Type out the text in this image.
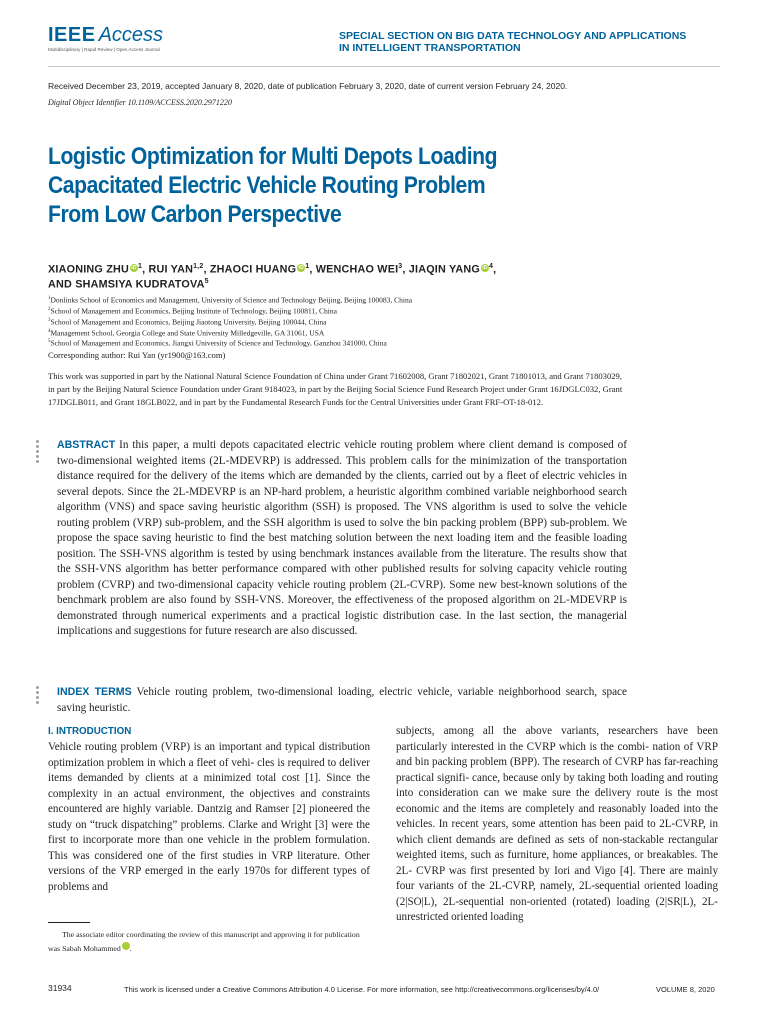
IEEE Access
Multidisciplinary | Rapid Review | Open Access Journal
SPECIAL SECTION ON BIG DATA TECHNOLOGY AND APPLICATIONS
IN INTELLIGENT TRANSPORTATION
Received December 23, 2019, accepted January 8, 2020, date of publication February 3, 2020, date of current version February 24, 2020.
Digital Object Identifier 10.1109/ACCESS.2020.2971220
Logistic Optimization for Multi Depots Loading
Capacitated Electric Vehicle Routing Problem
From Low Carbon Perspective
XIAONING ZHU $iD^1$, RUI YAN$^{1,2}$, ZHAOCI HUANG $iD^1$, WENCHAO WEI$^3$, JIAQIN YANG $iD^4$,
AND SHAMSIYA KUDRATOVA$^5$
$^1$Donlinks School of Economics and Management, University of Science and Technology Beijing, Beijing 100083, China
$^2$School of Management and Economics, Beijing Institute of Technology, Beijing 100811, China
$^3$School of Management and Economics, Beijing Jiaotong University, Beijing 100044, China
$^4$Management School, Georgia College and State University Milledgeville, GA 31061, USA
$^5$School of Management and Economics, Jiangxi University of Science and Technology, Ganzhou 341000, China
Corresponding author: Rui Yan (yr1900@163.com)
This work was supported in part by the National Natural Science Foundation of China under Grant 71602008, Grant 71802021, Grant 71801013, and Grant 71803029, in part by the Beijing Natural Science Foundation under Grant 9184023, in part by the Beijing Social Science Fund Research Project under Grant 16JDGLC032, Grant 17JDGLB011, and Grant 18GLB022, and in part by the Fundamental Research Funds for the Central Universities under Grant FRF-OT-18-012.
ABSTRACT In this paper, a multi depots capacitated electric vehicle routing problem where client demand is composed of two-dimensional weighted items (2L-MDEVRP) is addressed. This problem calls for the minimization of the transportation distance required for the delivery of the items which are demanded by the clients, carried out by a fleet of electric vehicles in several depots. Since the 2L-MDEVRP is an NP-hard problem, a heuristic algorithm combined variable neighborhood search algorithm (VNS) and space saving heuristic algorithm (SSH) is proposed. The VNS algorithm is used to solve the vehicle routing problem (VRP) sub-problem, and the SSH algorithm is used to solve the bin packing problem (BPP) sub-problem. We propose the space saving heuristic to find the best matching solution between the next loading item and the feasible loading position. The SSH-VNS algorithm is tested by using benchmark instances available from the literature. The results show that the SSH-VNS algorithm has better performance compared with other published results for solving capacity vehicle routing problem (CVRP) and two-dimensional capacity vehicle routing problem (2L-CVRP). Some new best-known solutions of the benchmark problem are also found by SSH-VNS. Moreover, the effectiveness of the proposed algorithm on 2L-MDEVRP is demonstrated through numerical experiments and a practical logistic distribution case. In the last section, the managerial implications and suggestions for future research are also discussed.
INDEX TERMS Vehicle routing problem, two-dimensional loading, electric vehicle, variable neighborhood search, space saving heuristic.
I. INTRODUCTION
Vehicle routing problem (VRP) is an important and typical distribution optimization problem in which a fleet of vehi- cles is required to deliver items demanded by clients at a minimized total cost [1]. Since the complexity in an actual environment, the objectives and constraints encountered are highly variable. Dantzig and Ramser [2] pioneered the study on “truck dispatching” problems. Clarke and Wright [3] were the first to incorporate more than one vehicle in the problem formulation. This was considered one of the first studies in VRP literature. Other versions of the VRP emerged in the early 1970s for different types of problems and
subjects, among all the above variants, researchers have been particularly interested in the CVRP which is the combi- nation of VRP and bin packing problem (BPP). The research of CVRP has far-reaching practical signifi- cance, because only by taking both loading and routing into consideration can we make sure the delivery route is the most economic and the items are completely and reasonably loaded into the vehicles. In recent years, some attention has been paid to 2L-CVRP, in which client demands are defined as sets of non-stackable rectangular weighted items, such as furniture, home appliances, or breakables. The 2L- CVRP was first presented by Iori and Vigo [4]. There are mainly four variants of the 2L-CVRP, namely, 2L-sequential oriented loading (2|SO|L), 2L-sequential non-oriented (rotated) loading (2|SR|L), 2L-unrestricted oriented loading
The associate editor coordinating the review of this manuscript and approving it for publication was Sabah Mohammed	iD.
31934	This work is licensed under a Creative Commons Attribution 4.0 License. For more information, see http://creativecommons.org/licenses/by/4.0/	VOLUME 8, 2020
